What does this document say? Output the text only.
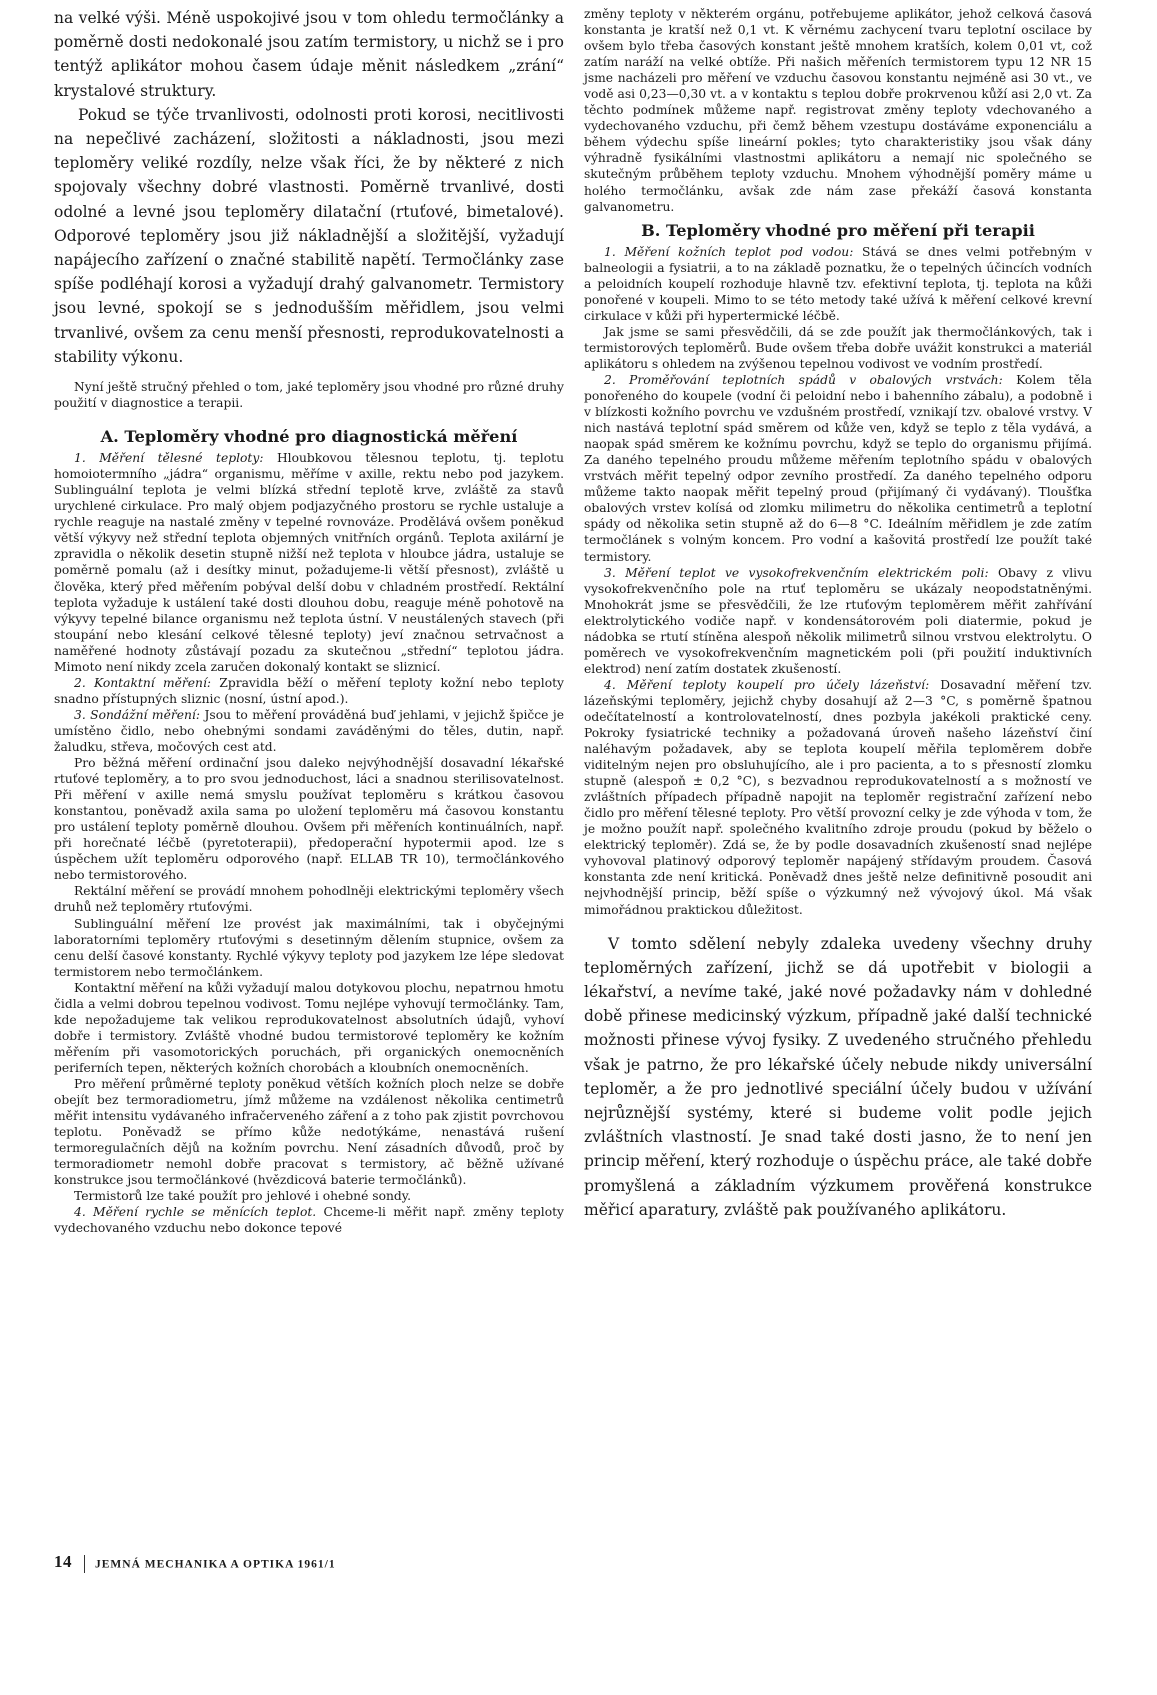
na velké výši. Méně uspokojivé jsou v tom ohledu termočlánky a poměrně dosti nedokonalé jsou zatím termistory, u nichž se i pro tentýž aplikátor mohou časem údaje měnit následkem „zrání“ krystalové struktury.

Pokud se týče trvanlivosti, odolnosti proti korosi, necitlivosti na nepečlivé zacházení, složitosti a nákladnosti, jsou mezi teploměry veliké rozdíly, nelze však říci, že by některé z nich spojovaly všechny dobré vlastnosti. Poměrně trvanlivé, dosti odolné a levné jsou teploměry dilatační (rtuťové, bimetalové). Odporové teploměry jsou již nákladnější a složitější, vyžadují napájecího zařízení o značné stabilitě napětí. Termočlánky zase spíše podléhají korosi a vyžadují drahý galvanometr. Termistory jsou levné, spokojí se s jednodušším měřidlem, jsou velmi trvanlivé, ovšem za cenu menší přesnosti, reprodukovatelnosti a stability výkonu.

Nyní ještě stručný přehled o tom, jaké teploměry jsou vhodné pro různé druhy použití v diagnostice a terapii.

A. Teploměry vhodné pro diagnostická měření

1. Měření tělesné teploty: Hloubkovou tělesnou teplotu, tj. teplotu homoiotermního „jádra“ organismu, měříme v axille, rektu nebo pod jazykem. Sublinguální teplota je velmi blízká střední teplotě krve, zvláště za stavů urychlené cirkulace. Pro malý objem podjazyčného prostoru se rychle ustaluje a rychle reaguje na nastalé změny v tepelné rovnováze. Prodělává ovšem poněkud větší výkyvy než střední teplota objemných vnitřních orgánů. Teplota axilární je zpravidla o několik desetin stupně nižší než teplota v hloubce jádra, ustaluje se poměrně pomalu (až i desítky minut, požadujeme-li větší přesnost), zvláště u člověka, který před měřením pobýval delší dobu v chladném prostředí. Rektální teplota vyžaduje k ustálení také dosti dlouhou dobu, reaguje méně pohotově na výkyvy tepelné bilance organismu než teplota ústní. V neustálených stavech (při stoupání nebo klesání celkové tělesné teploty) jeví značnou setrvačnost a naměřené hodnoty zůstávají pozadu za skutečnou „střední“ teplotou jádra. Mimoto není nikdy zcela zaručen dokonalý kontakt se sliznicí.

2. Kontaktní měření: Zpravidla běží o měření teploty kožní nebo teploty snadno přístupných sliznic (nosní, ústní apod.).

3. Sondážní měření: Jsou to měření prováděná buď jehlami, v jejichž špičce je umístěno čidlo, nebo ohebnými sondami zaváděnými do těles, dutin, např. žaludku, střeva, močových cest atd.

Pro běžná měření ordinační jsou daleko nejvýhodnější dosavadní lékařské rtuťové teploměry, a to pro svou jednoduchost, láci a snadnou sterilisovatelnost. Při měření v axille nemá smyslu používat teploměru s krátkou časovou konstantou, poněvadž axila sama po uložení teploměru má časovou konstantu pro ustálení teploty poměrně dlouhou. Ovšem při měřeních kontinuálních, např. při horečnaté léčbě (pyretoterapii), předoperační hypotermii apod. lze s úspěchem užít teploměru odporového (např. ELLAB TR 10), termočlánkového nebo termistorového.

Rektální měření se provádí mnohem pohodlněji elektrickými teploměry všech druhů než teploměry rtuťovými.

Sublinguální měření lze provést jak maximálními, tak i obyčejnými laboratorními teploměry rtuťovými s desetinným dělením stupnice, ovšem za cenu delší časové konstanty. Rychlé výkyvy teploty pod jazykem lze lépe sledovat termistorem nebo termočlánkem.

Kontaktní měření na kůži vyžadují malou dotykovou plochu, nepatrnou hmotu čidla a velmi dobrou tepelnou vodivost. Tomu nejlépe vyhovují termočlánky. Tam, kde nepožadujeme tak velikou reprodukovatelnost absolutních údajů, vyhoví dobře i termistory. Zvláště vhodné budou termistorové teploměry ke kožním měřením při vasomotorických poruchách, při organických onemocněních periferních tepen, některých kožních chorobách a kloubních onemocněních.

Pro měření průměrné teploty poněkud větších kožních ploch nelze se dobře obejít bez termoradiometru, jímž můžeme na vzdálenost několika centimetrů měřit intensitu vydávaného infračerveného záření a z toho pak zjistit povrchovou teplotu. Poněvadž se přímo kůže nedotýkáme, nenastává rušení termoregulačních dějů na kožním povrchu. Není zásadních důvodů, proč by termoradiometr nemohl dobře pracovat s termistory, ač běžně užívané konstrukce jsou termočlánkové (hvězdicová baterie termočlánků).

Termistorů lze také použít pro jehlové i ohebné sondy.

4. Měření rychle se měnících teplot. Chceme-li měřit např. změny teploty vydechovaného vzduchu nebo dokonce tepové

změny teploty v některém orgánu, potřebujeme aplikátor, jehož celková časová konstanta je kratší než 0,1 vt. K věrnému zachycení tvaru teplotní oscilace by ovšem bylo třeba časových konstant ještě mnohem kratších, kolem 0,01 vt, což zatím naráží na velké obtíže. Při našich měřeních termistorem typu 12 NR 15 jsme nacházeli pro měření ve vzduchu časovou konstantu nejméně asi 30 vt., ve vodě asi 0,23—0,30 vt. a v kontaktu s teplou dobře prokrvenou kůží asi 2,0 vt. Za těchto podmínek můžeme např. registrovat změny teploty vdechovaného a vydechovaného vzduchu, při čemž během vzestupu dostáváme exponenciálu a během výdechu spíše lineární pokles; tyto charakteristiky jsou však dány výhradně fysikálními vlastnostmi aplikátoru a nemají nic společného se skutečným průběhem teploty vzduchu. Mnohem výhodnější poměry máme u holého termočlánku, avšak zde nám zase překáží časová konstanta galvanometru.

B. Teploměry vhodné pro měření při terapii

1. Měření kožních teplot pod vodou: Stává se dnes velmi potřebným v balneologii a fysiatrii, a to na základě poznatku, že o tepelných účincích vodních a peloidních koupelí rozhoduje hlavně tzv. efektivní teplota, tj. teplota na kůži ponořené v koupeli. Mimo to se této metody také užívá k měření celkové krevní cirkulace v kůži při hypertermické léčbě.

Jak jsme se sami přesvědčili, dá se zde použít jak thermočlánkových, tak i termistorových teploměrů. Bude ovšem třeba dobře uvážit konstrukci a materiál aplikátoru s ohledem na zvýšenou tepelnou vodivost ve vodním prostředí.

2. Proměřování teplotních spádů v obalových vrstvách: Kolem těla ponořeného do koupele (vodní či peloidní nebo i bahenního zábalu), a podobně i v blízkosti kožního povrchu ve vzdušném prostředí, vznikají tzv. obalové vrstvy. V nich nastává teplotní spád směrem od kůže ven, když se teplo z těla vydává, a naopak spád směrem ke kožnímu povrchu, když se teplo do organismu přijímá. Za daného tepelného proudu můžeme měřením teplotního spádu v obalových vrstvách měřit tepelný odpor zevního prostředí. Za daného tepelného odporu můžeme takto naopak měřit tepelný proud (přijímaný či vydávaný). Tloušťka obalových vrstev kolísá od zlomku milimetru do několika centimetrů a teplotní spády od několika setin stupně až do 6—8 °C. Ideálním měřidlem je zde zatím termočlánek s volným koncem. Pro vodní a kašovitá prostředí lze použít také termistory.

3. Měření teplot ve vysokofrekvenčním elektrickém poli: Obavy z vlivu vysokofrekvenčního pole na rtuť teploměru se ukázaly neopodstatněnými. Mnohokrát jsme se přesvědčili, že lze rtuťovým teploměrem měřit zahřívání elektrolytického vodiče např. v kondensátorovém poli diatermie, pokud je nádobka se rtutí stíněna alespoň několik milimetrů silnou vrstvou elektrolytu. O poměrech ve vysokofrekvenčním magnetickém poli (při použití induktivních elektrod) není zatím dostatek zkušeností.

4. Měření teploty koupelí pro účely lázeňství: Dosavadní měření tzv. lázeňskými teploměry, jejichž chyby dosahují až 2—3 °C, s poměrně špatnou odečítatelností a kontrolovatelností, dnes pozbyla jakékoli praktické ceny. Pokroky fysiatrické techniky a požadovaná úroveň našeho lázeňství činí naléhavým požadavek, aby se teplota koupelí měřila teploměrem dobře viditelným nejen pro obsluhujícího, ale i pro pacienta, a to s přesností zlomku stupně (alespoň ± 0,2 °C), s bezvadnou reprodukovatelností a s možností ve zvláštních případech případně napojit na teploměr registrační zařízení nebo čidlo pro měření tělesné teploty. Pro větší provozní celky je zde výhoda v tom, že je možno použít např. společného kvalitního zdroje proudu (pokud by běželo o elektrický teploměr). Zdá se, že by podle dosavadních zkušeností snad nejlépe vyhovoval platinový odporový teploměr napájený střídavým proudem. Časová konstanta zde není kritická. Poněvadž dnes ještě nelze definitivně posoudit ani nejvhodnější princip, běží spíše o výzkumný než vývojový úkol. Má však mimořádnou praktickou důležitost.

V tomto sdělení nebyly zdaleka uvedeny všechny druhy teploměrných zařízení, jichž se dá upotřebit v biologii a lékařství, a nevíme také, jaké nové požadavky nám v dohledné době přinese medicinský výzkum, případně jaké další technické možnosti přinese vývoj fysiky. Z uvedeného stručného přehledu však je patrno, že pro lékařské účely nebude nikdy universální teploměr, a že pro jednotlivé speciální účely budou v užívání nejrůznější systémy, které si budeme volit podle jejich zvláštních vlastností. Je snad také dosti jasno, že to není jen princip měření, který rozhoduje o úspěchu práce, ale také dobře promyšlená a základním výzkumem prověřená konstrukce měřicí aparatury, zvláště pak používaného aplikátoru.

14 JEMNÁ MECHANIKA A OPTIKA 1961/1
